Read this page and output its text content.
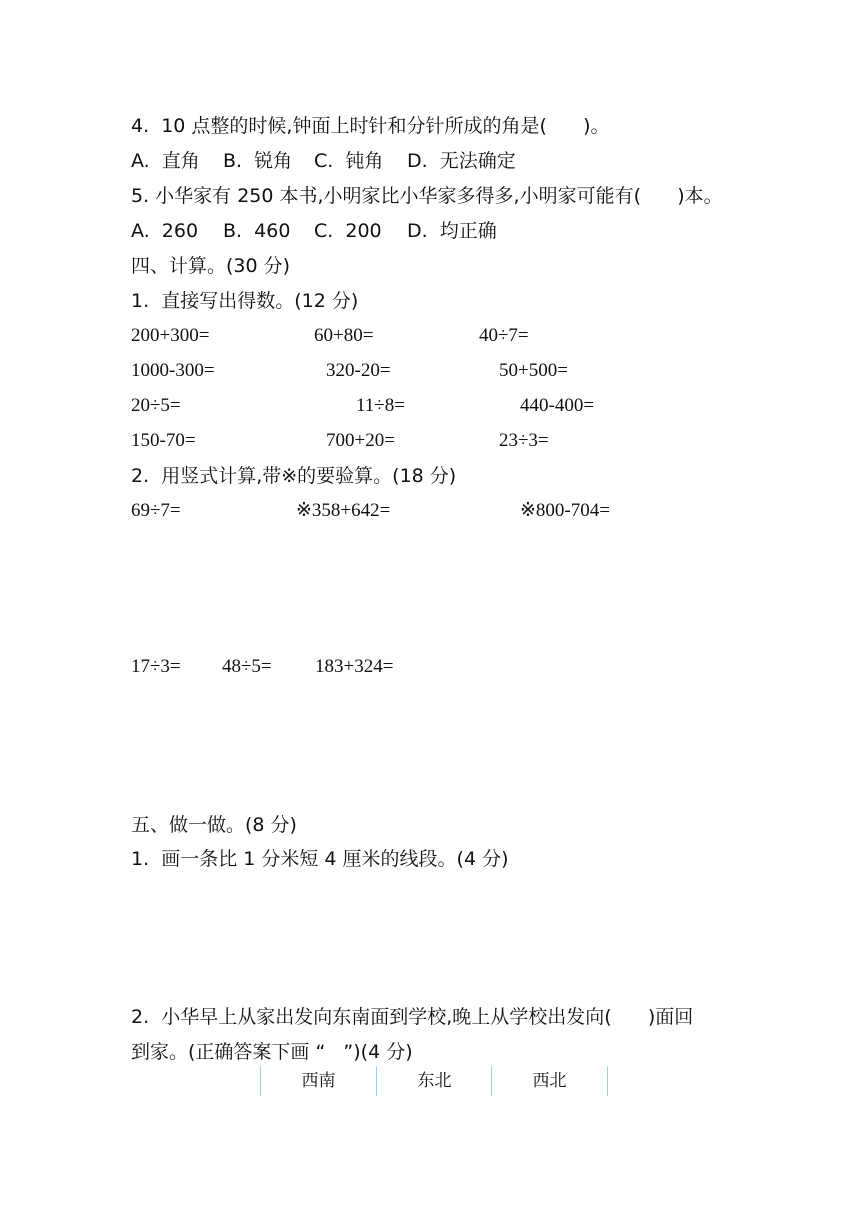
4.  10 点整的时候,钟面上时针和分针所成的角是(      )。
A.  直角 B.  锐角 C.  钝角 D.  无法确定
5. 小华家有 250 本书,小明家比小华家多得多,小明家可能有(      )本。
A.  260 B.  460 C.  200 D.  均正确
四、计算。(30 分)
1.  直接写出得数。(12 分)
200+300=	60+80=	40÷7=
1000-300=	320-20=	50+500=
20÷5=	11÷8=	440-400=
150-70=	700+20=	23÷3=
2.  用竖式计算,带※的要验算。(18 分)
69÷7=	※358+642=	※800-704=
17÷3= 48÷5= 183+324=
五、做一做。(8 分)
1.  画一条比 1 分米短 4 厘米的线段。(4 分)
2.  小华早上从家出发向东南面到学校,晚上从学校出发向(      )面回
到家。(正确答案下画 “   ”)(4 分)
西南	东北	西北
